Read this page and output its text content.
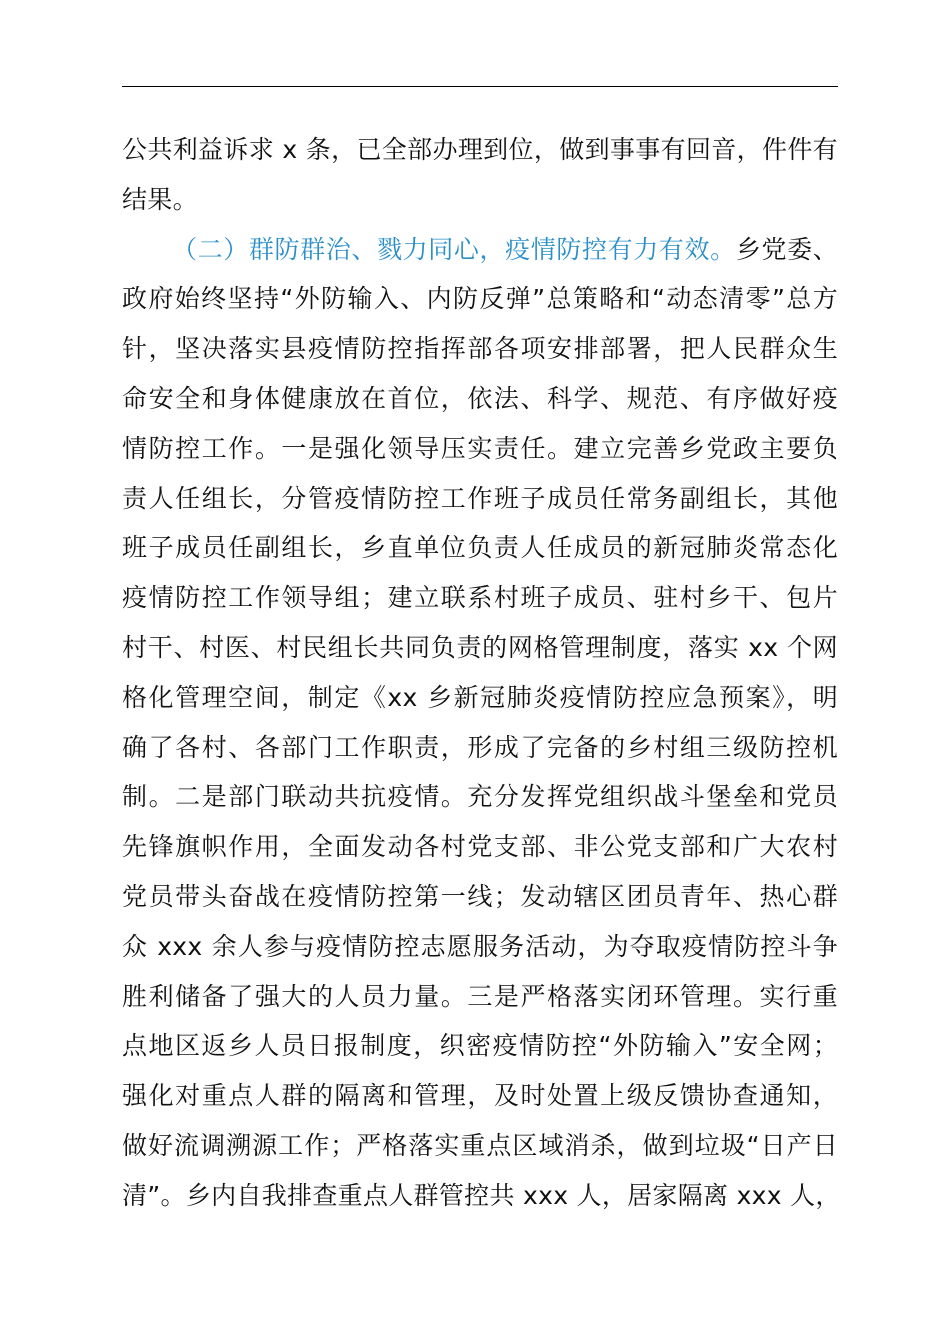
公共利益诉求 x 条，已全部办理到位，做到事事有回音，件件有
结果。
（二）群防群治、戮力同心，疫情防控有力有效。乡党委、
政府始终坚持“外防输入、内防反弹”总策略和“动态清零”总方
针，坚决落实县疫情防控指挥部各项安排部署，把人民群众生
命安全和身体健康放在首位，依法、科学、规范、有序做好疫
情防控工作。一是强化领导压实责任。建立完善乡党政主要负
责人任组长，分管疫情防控工作班子成员任常务副组长，其他
班子成员任副组长，乡直单位负责人任成员的新冠肺炎常态化
疫情防控工作领导组；建立联系村班子成员、驻村乡干、包片
村干、村医、村民组长共同负责的网格管理制度，落实 xx 个网
格化管理空间，制定《xx 乡新冠肺炎疫情防控应急预案》，明
确了各村、各部门工作职责，形成了完备的乡村组三级防控机
制。二是部门联动共抗疫情。充分发挥党组织战斗堡垒和党员
先锋旗帜作用，全面发动各村党支部、非公党支部和广大农村
党员带头奋战在疫情防控第一线；发动辖区团员青年、热心群
众 xxx 余人参与疫情防控志愿服务活动，为夺取疫情防控斗争
胜利储备了强大的人员力量。三是严格落实闭环管理。实行重
点地区返乡人员日报制度，织密疫情防控“外防输入”安全网；
强化对重点人群的隔离和管理，及时处置上级反馈协查通知，
做好流调溯源工作；严格落实重点区域消杀，做到垃圾“日产日
清”。乡内自我排查重点人群管控共 xxx 人，居家隔离 xxx 人，
